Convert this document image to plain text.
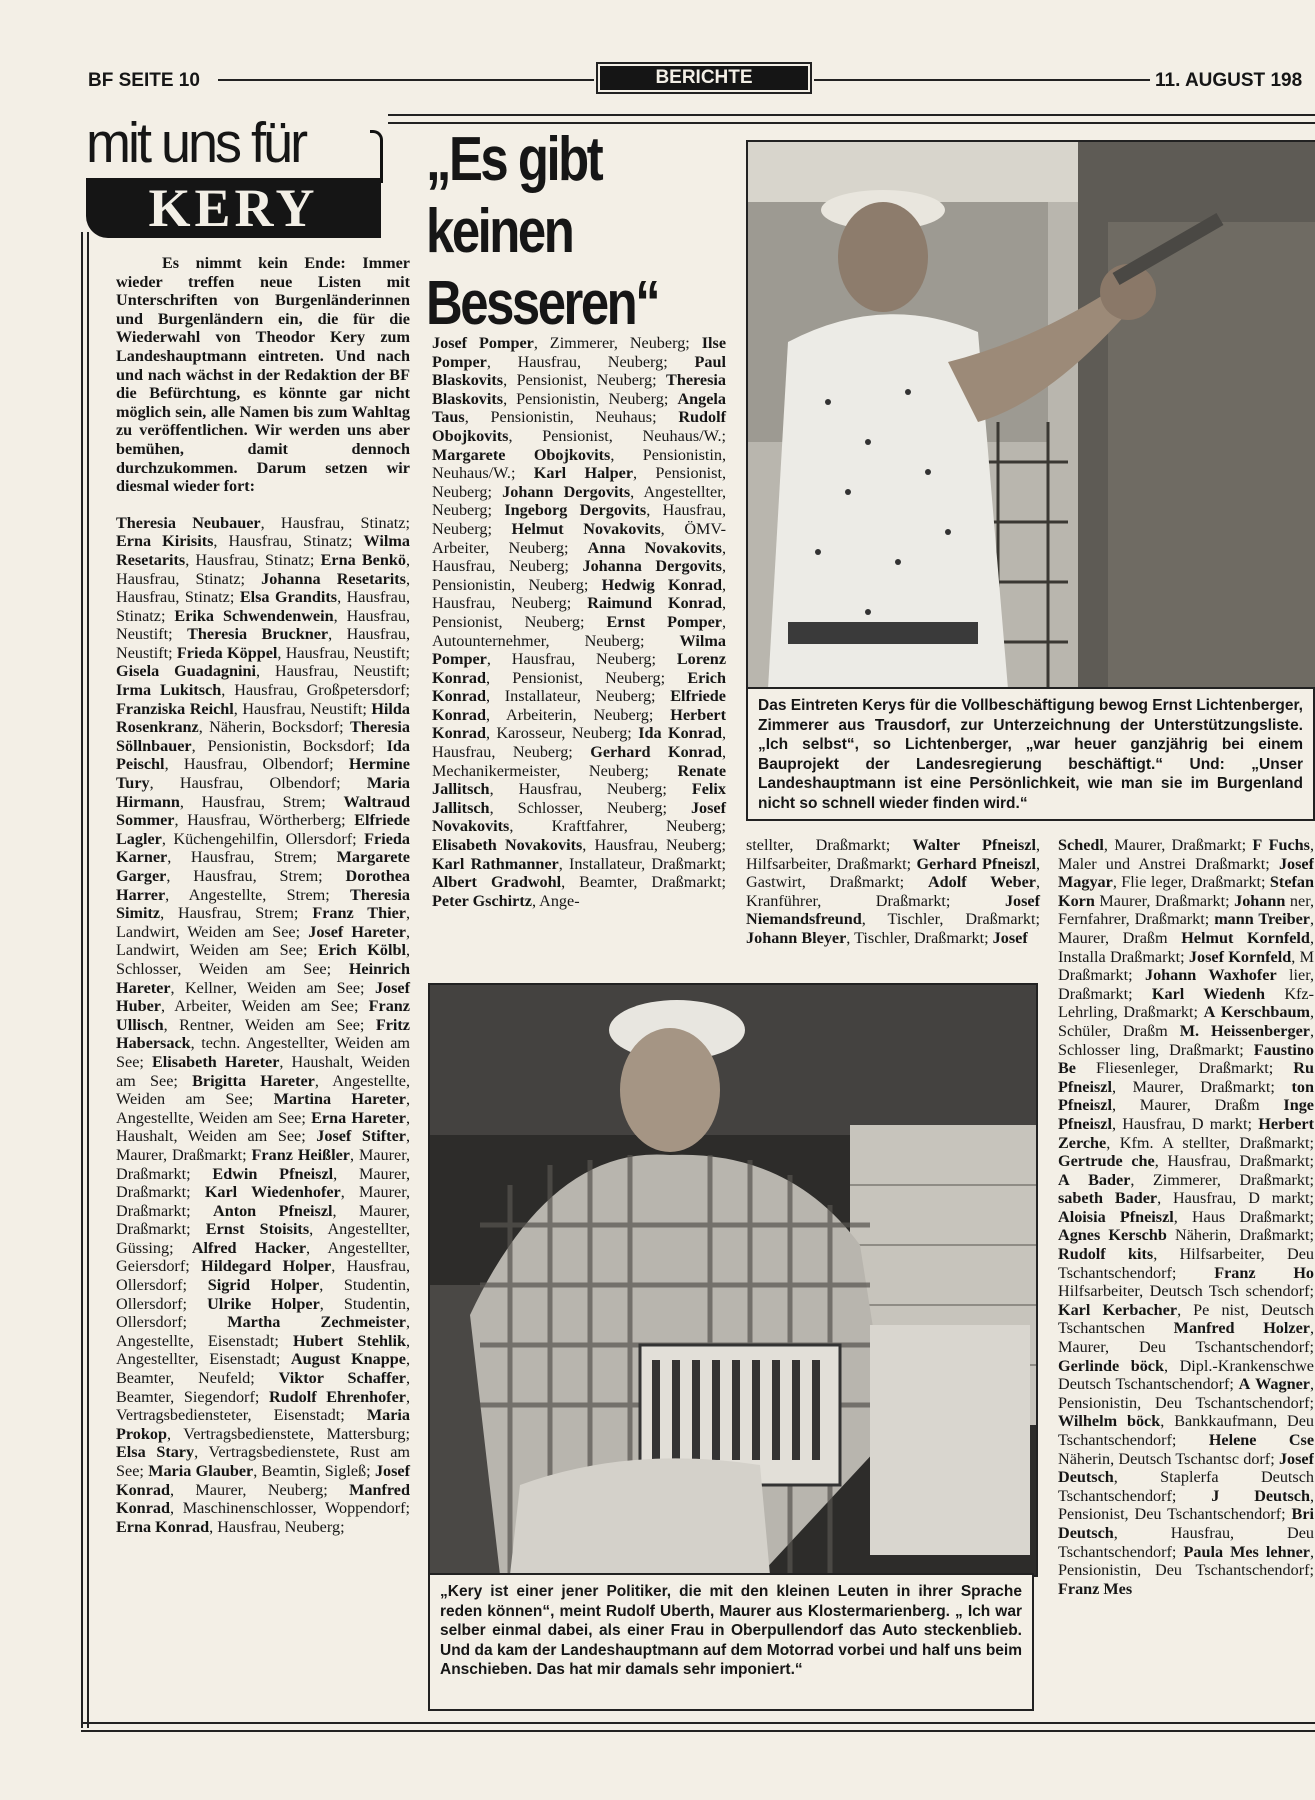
BF SEITE 10	BERICHTE	11. AUGUST 198
mit uns für
KERY
„Es gibt
keinen
Besseren“
Es nimmt kein Ende: Immer wieder treffen neue Listen mit Unterschriften von Burgenländerinnen und Burgenländern ein, die für die Wiederwahl von Theodor Kery zum Landeshauptmann eintreten. Und nach und nach wächst in der Redaktion der BF die Befürchtung, es könnte gar nicht möglich sein, alle Namen bis zum Wahltag zu veröffentlichen. Wir werden uns aber bemühen, damit dennoch durchzukommen. Darum setzen wir diesmal wieder fort:
Theresia Neubauer, Hausfrau, Stinatz; Erna Kirisits, Hausfrau, Stinatz; Wilma Resetarits, Hausfrau, Stinatz; Erna Benkö, Hausfrau, Stinatz; Johanna Resetarits, Hausfrau, Stinatz; Elsa Grandits, Hausfrau, Stinatz; Erika Schwendenwein, Hausfrau, Neustift; Theresia Bruckner, Hausfrau, Neustift; Frieda Köppel, Hausfrau, Neustift; Gisela Guadagnini, Hausfrau, Neustift; Irma Lukitsch, Hausfrau, Großpetersdorf; Franziska Reichl, Hausfrau, Neustift; Hilda Rosenkranz, Näherin, Bocksdorf; Theresia Söllnbauer, Pensionistin, Bocksdorf; Ida Peischl, Hausfrau, Olbendorf; Hermine Tury, Hausfrau, Olbendorf; Maria Hirmann, Hausfrau, Strem; Waltraud Sommer, Hausfrau, Wörtherberg; Elfriede Lagler, Küchengehilfin, Ollersdorf; Frieda Karner, Hausfrau, Strem; Margarete Garger, Hausfrau, Strem; Dorothea Harrer, Angestellte, Strem; Theresia Simitz, Hausfrau, Strem; Franz Thier, Landwirt, Weiden am See; Josef Hareter, Landwirt, Weiden am See; Erich Kölbl, Schlosser, Weiden am See; Heinrich Hareter, Kellner, Weiden am See; Josef Huber, Arbeiter, Weiden am See; Franz Ullisch, Rentner, Weiden am See; Fritz Habersack, techn. Angestellter, Weiden am See; Elisabeth Hareter, Haushalt, Weiden am See; Brigitta Hareter, Angestellte, Weiden am See; Martina Hareter, Angestellte, Weiden am See; Erna Hareter, Haushalt, Weiden am See; Josef Stifter, Maurer, Draßmarkt; Franz Heißler, Maurer, Draßmarkt; Edwin Pfneiszl, Maurer, Draßmarkt; Karl Wiedenhofer, Maurer, Draßmarkt; Anton Pfneiszl, Maurer, Draßmarkt; Ernst Stoisits, Angestellter, Güssing; Alfred Hacker, Angestellter, Geiersdorf; Hildegard Holper, Hausfrau, Ollersdorf; Sigrid Holper, Studentin, Ollersdorf; Ulrike Holper, Studentin, Ollersdorf; Martha Zechmeister, Angestellte, Eisenstadt; Hubert Stehlik, Angestellter, Eisenstadt; August Knappe, Beamter, Neufeld; Viktor Schaffer, Beamter, Siegendorf; Rudolf Ehrenhofer, Vertragsbediensteter, Eisenstadt; Maria Prokop, Vertragsbedienstete, Mattersburg; Elsa Stary, Vertragsbedienstete, Rust am See; Maria Glauber, Beamtin, Sigleß; Josef Konrad, Maurer, Neuberg; Manfred Konrad, Maschinenschlosser, Woppendorf; Erna Konrad, Hausfrau, Neuberg;
Josef Pomper, Zimmerer, Neuberg; Ilse Pomper, Hausfrau, Neuberg; Paul Blaskovits, Pensionist, Neuberg; Theresia Blaskovits, Pensionistin, Neuberg; Angela Taus, Pensionistin, Neuhaus; Rudolf Obojkovits, Pensionist, Neuhaus/W.; Margarete Obojkovits, Pensionistin, Neuhaus/W.; Karl Halper, Pensionist, Neuberg; Johann Dergovits, Angestellter, Neuberg; Ingeborg Dergovits, Hausfrau, Neuberg; Helmut Novakovits, ÖMV-Arbeiter, Neuberg; Anna Novakovits, Hausfrau, Neuberg; Johanna Dergovits, Pensionistin, Neuberg; Hedwig Konrad, Hausfrau, Neuberg; Raimund Konrad, Pensionist, Neuberg; Ernst Pomper, Autounternehmer, Neuberg; Wilma Pomper, Hausfrau, Neuberg; Lorenz Konrad, Pensionist, Neuberg; Erich Konrad, Installateur, Neuberg; Elfriede Konrad, Arbeiterin, Neuberg; Herbert Konrad, Karosseur, Neuberg; Ida Konrad, Hausfrau, Neuberg; Gerhard Konrad, Mechanikermeister, Neuberg; Renate Jallitsch, Hausfrau, Neuberg; Felix Jallitsch, Schlosser, Neuberg; Josef Novakovits, Kraftfahrer, Neuberg; Elisabeth Novakovits, Hausfrau, Neuberg; Karl Rathmanner, Installateur, Draßmarkt; Albert Gradwohl, Beamter, Draßmarkt; Peter Gschirtz, Ange-
Das Eintreten Kerys für die Vollbeschäftigung bewog Ernst Lichtenberger, Zimmerer aus Trausdorf, zur Unterzeichnung der Unterstützungsliste. „Ich selbst“, so Lichtenberger, „war heuer ganzjährig bei einem Bauprojekt der Landesregierung beschäftigt.“ Und: „Unser Landeshauptmann ist eine Persönlichkeit, wie man sie im Burgenland nicht so schnell wieder finden wird.“
stellter, Draßmarkt; Walter Pfneiszl, Hilfsarbeiter, Draßmarkt; Gerhard Pfneiszl, Gastwirt, Draßmarkt; Adolf Weber, Kranführer, Draßmarkt; Josef Niemandsfreund, Tischler, Draßmarkt; Johann Bleyer, Tischler, Draßmarkt; Josef
Schedl, Maurer, Draßmarkt; F Fuchs, Maler und Anstrei Draßmarkt; Josef Magyar, Flie leger, Draßmarkt; Stefan Korn Maurer, Draßmarkt; Johann ner, Fernfahrer, Draßmarkt; mann Treiber, Maurer, Draßm Helmut Kornfeld, Installa Draßmarkt; Josef Kornfeld, M Draßmarkt; Johann Waxhofer lier, Draßmarkt; Karl Wiedenh Kfz-Lehrling, Draßmarkt; A Kerschbaum, Schüler, Draßm M. Heissenberger, Schlosser ling, Draßmarkt; Faustino Be Fliesenleger, Draßmarkt; Ru Pfneiszl, Maurer, Draßmarkt; ton Pfneiszl, Maurer, Draßm Inge Pfneiszl, Hausfrau, D markt; Herbert Zerche, Kfm. A stellter, Draßmarkt; Gertrude che, Hausfrau, Draßmarkt; A Bader, Zimmerer, Draßmarkt; sabeth Bader, Hausfrau, D markt; Aloisia Pfneiszl, Haus Draßmarkt; Agnes Kerschb Näherin, Draßmarkt; Rudolf kits, Hilfsarbeiter, Deu Tschantschendorf; Franz Ho Hilfsarbeiter, Deutsch Tsch schendorf; Karl Kerbacher, Pe nist, Deutsch Tschantschen Manfred Holzer, Maurer, Deu Tschantschendorf; Gerlinde böck, Dipl.-Krankenschwe Deutsch Tschantschendorf; A Wagner, Pensionistin, Deu Tschantschendorf; Wilhelm böck, Bankkaufmann, Deu Tschantschendorf; Helene Cse Näherin, Deutsch Tschantsc dorf; Josef Deutsch, Staplerfa Deutsch Tschantschendorf; J Deutsch, Pensionist, Deu Tschantschendorf; Bri Deutsch, Hausfrau, Deu Tschantschendorf; Paula Mes lehner, Pensionistin, Deu Tschantschendorf; Franz Mes
„Kery ist einer jener Politiker, die mit den kleinen Leuten in ihrer Sprache reden können“, meint Rudolf Uberth, Maurer aus Klostermarienberg. „ Ich war selber einmal dabei, als einer Frau in Oberpullendorf das Auto steckenblieb. Und da kam der Landeshauptmann auf dem Motorrad vorbei und half uns beim Anschieben. Das hat mir damals sehr imponiert.“
